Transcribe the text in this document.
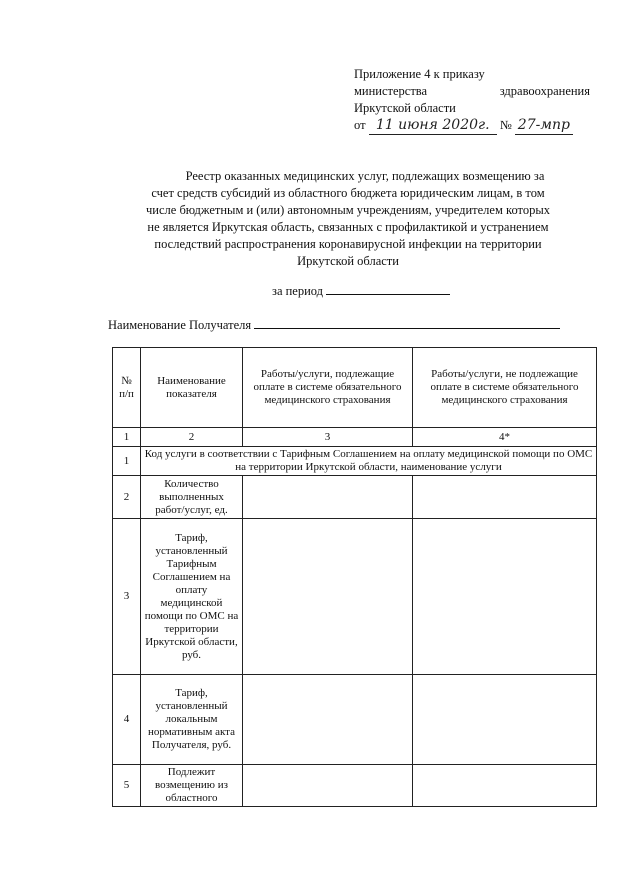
Приложение 4 к приказу
министерства	здравоохранения
Иркутской области
от 11 июня 2020г. № 27-мпр

Реестр оказанных медицинских услуг, подлежащих возмещению за

счет средств субсидий из областного бюджета юридическим лицам, в том

числе бюджетным и (или) автономным учреждениям, учредителем которых

не является Иркутская область, связанных с профилактикой и устранением

последствий распространения коронавирусной инфекции на территории

Иркутской области

за период
Наименование Получателя
№ п/п	Наименование показателя	Работы/услуги, подлежащие оплате в системе обязательного медицинского страхования	Работы/услуги, не подлежащие оплате в системе обязательного медицинского страхования
1	2	3	4*
1	Код услуги в соответствии с Тарифным Соглашением на оплату медицинской помощи по ОМС на территории Иркутской области, наименование услуги		
2	Количество выполненных работ/услуг, ед.		
3	Тариф, установленный Тарифным Соглашением на оплату медицинской помощи по ОМС на территории Иркутской области, руб.		
4	Тариф, установленный локальным нормативным акта Получателя, руб.		
5	Подлежит возмещению из областного		
